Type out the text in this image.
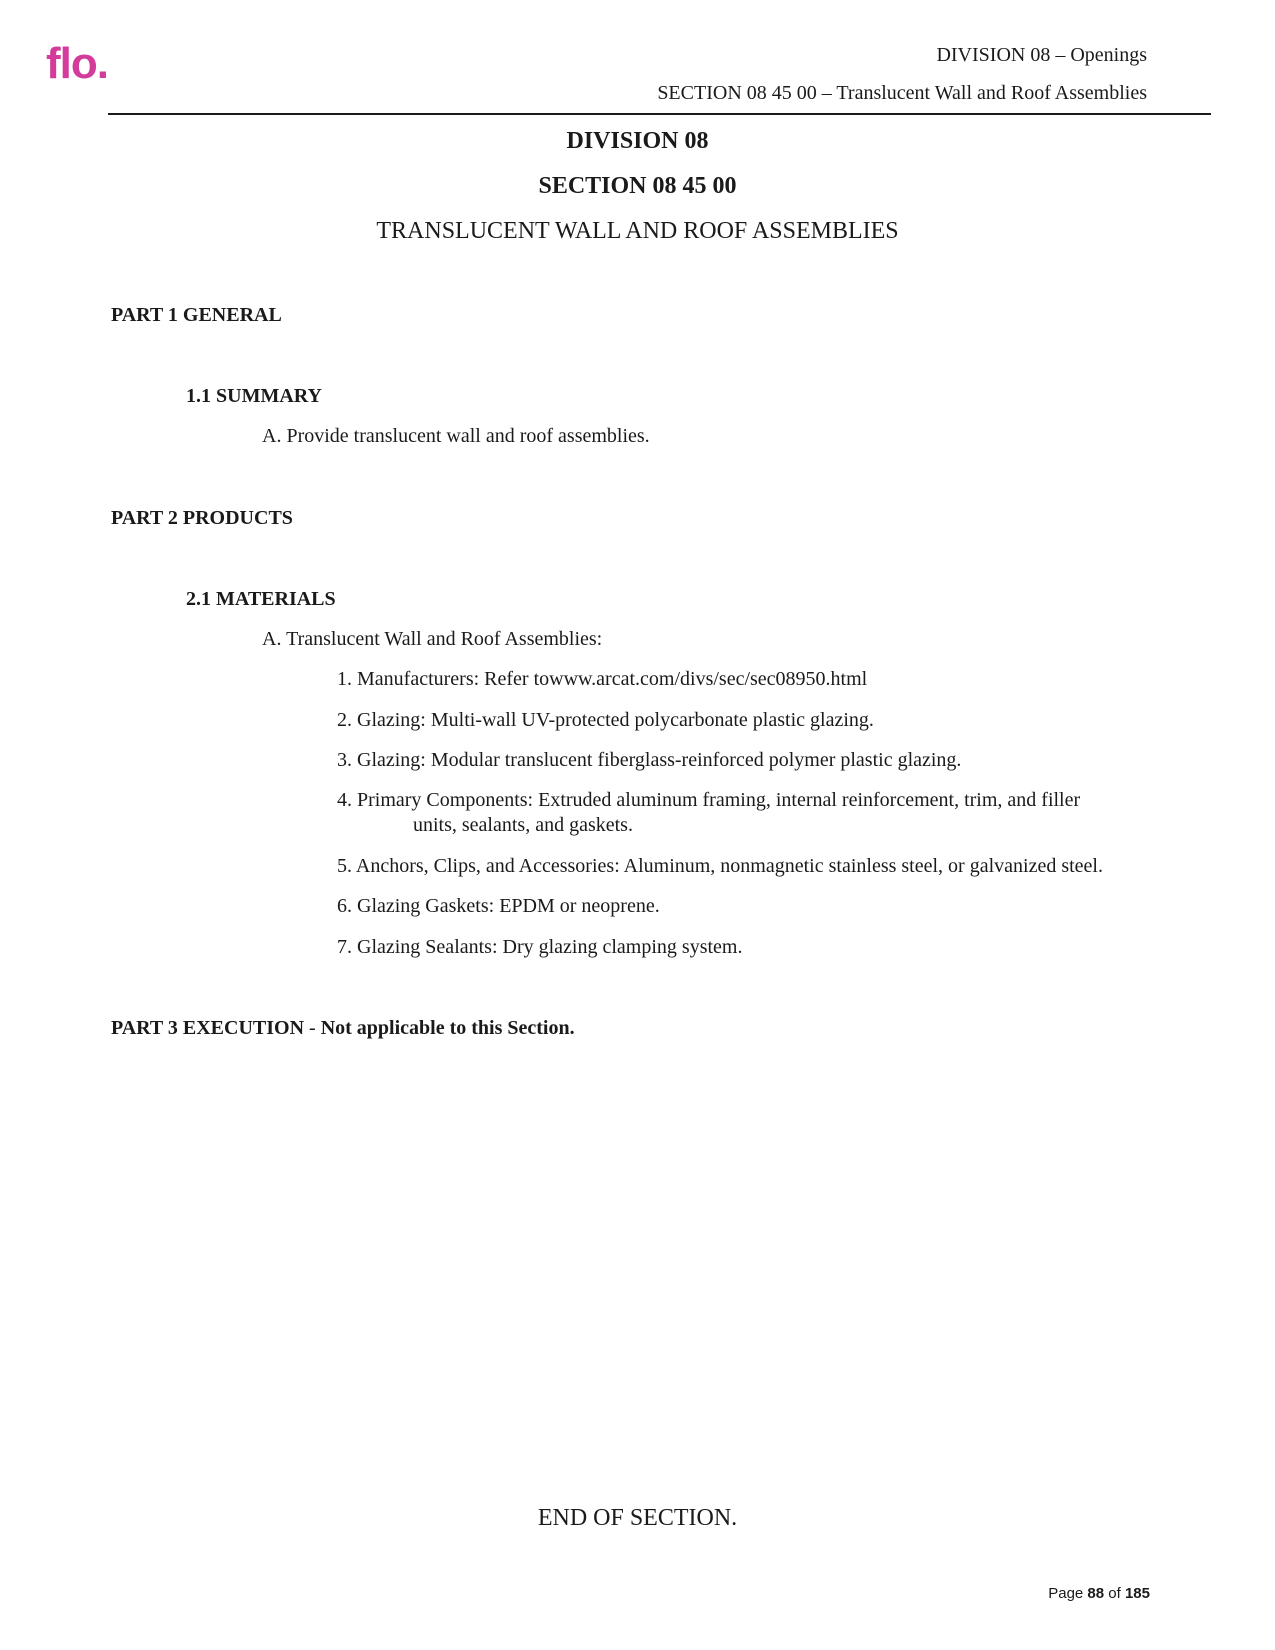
flo.	DIVISION 08 – Openings
SECTION 08 45 00 – Translucent Wall and Roof Assemblies
DIVISION 08
SECTION 08 45 00
TRANSLUCENT WALL AND ROOF ASSEMBLIES
PART 1 GENERAL
1.1 SUMMARY
A. Provide translucent wall and roof assemblies.
PART 2 PRODUCTS
2.1 MATERIALS
A. Translucent Wall and Roof Assemblies:
1. Manufacturers: Refer towww.arcat.com/divs/sec/sec08950.html
2. Glazing: Multi-wall UV-protected polycarbonate plastic glazing.
3. Glazing: Modular translucent fiberglass-reinforced polymer plastic glazing.
4. Primary Components: Extruded aluminum framing, internal reinforcement, trim, and filler
units, sealants, and gaskets.
5. Anchors, Clips, and Accessories: Aluminum, nonmagnetic stainless steel, or galvanized steel.
6. Glazing Gaskets: EPDM or neoprene.
7. Glazing Sealants: Dry glazing clamping system.
PART 3 EXECUTION - Not applicable to this Section.
END OF SECTION.
Page 88 of 185
